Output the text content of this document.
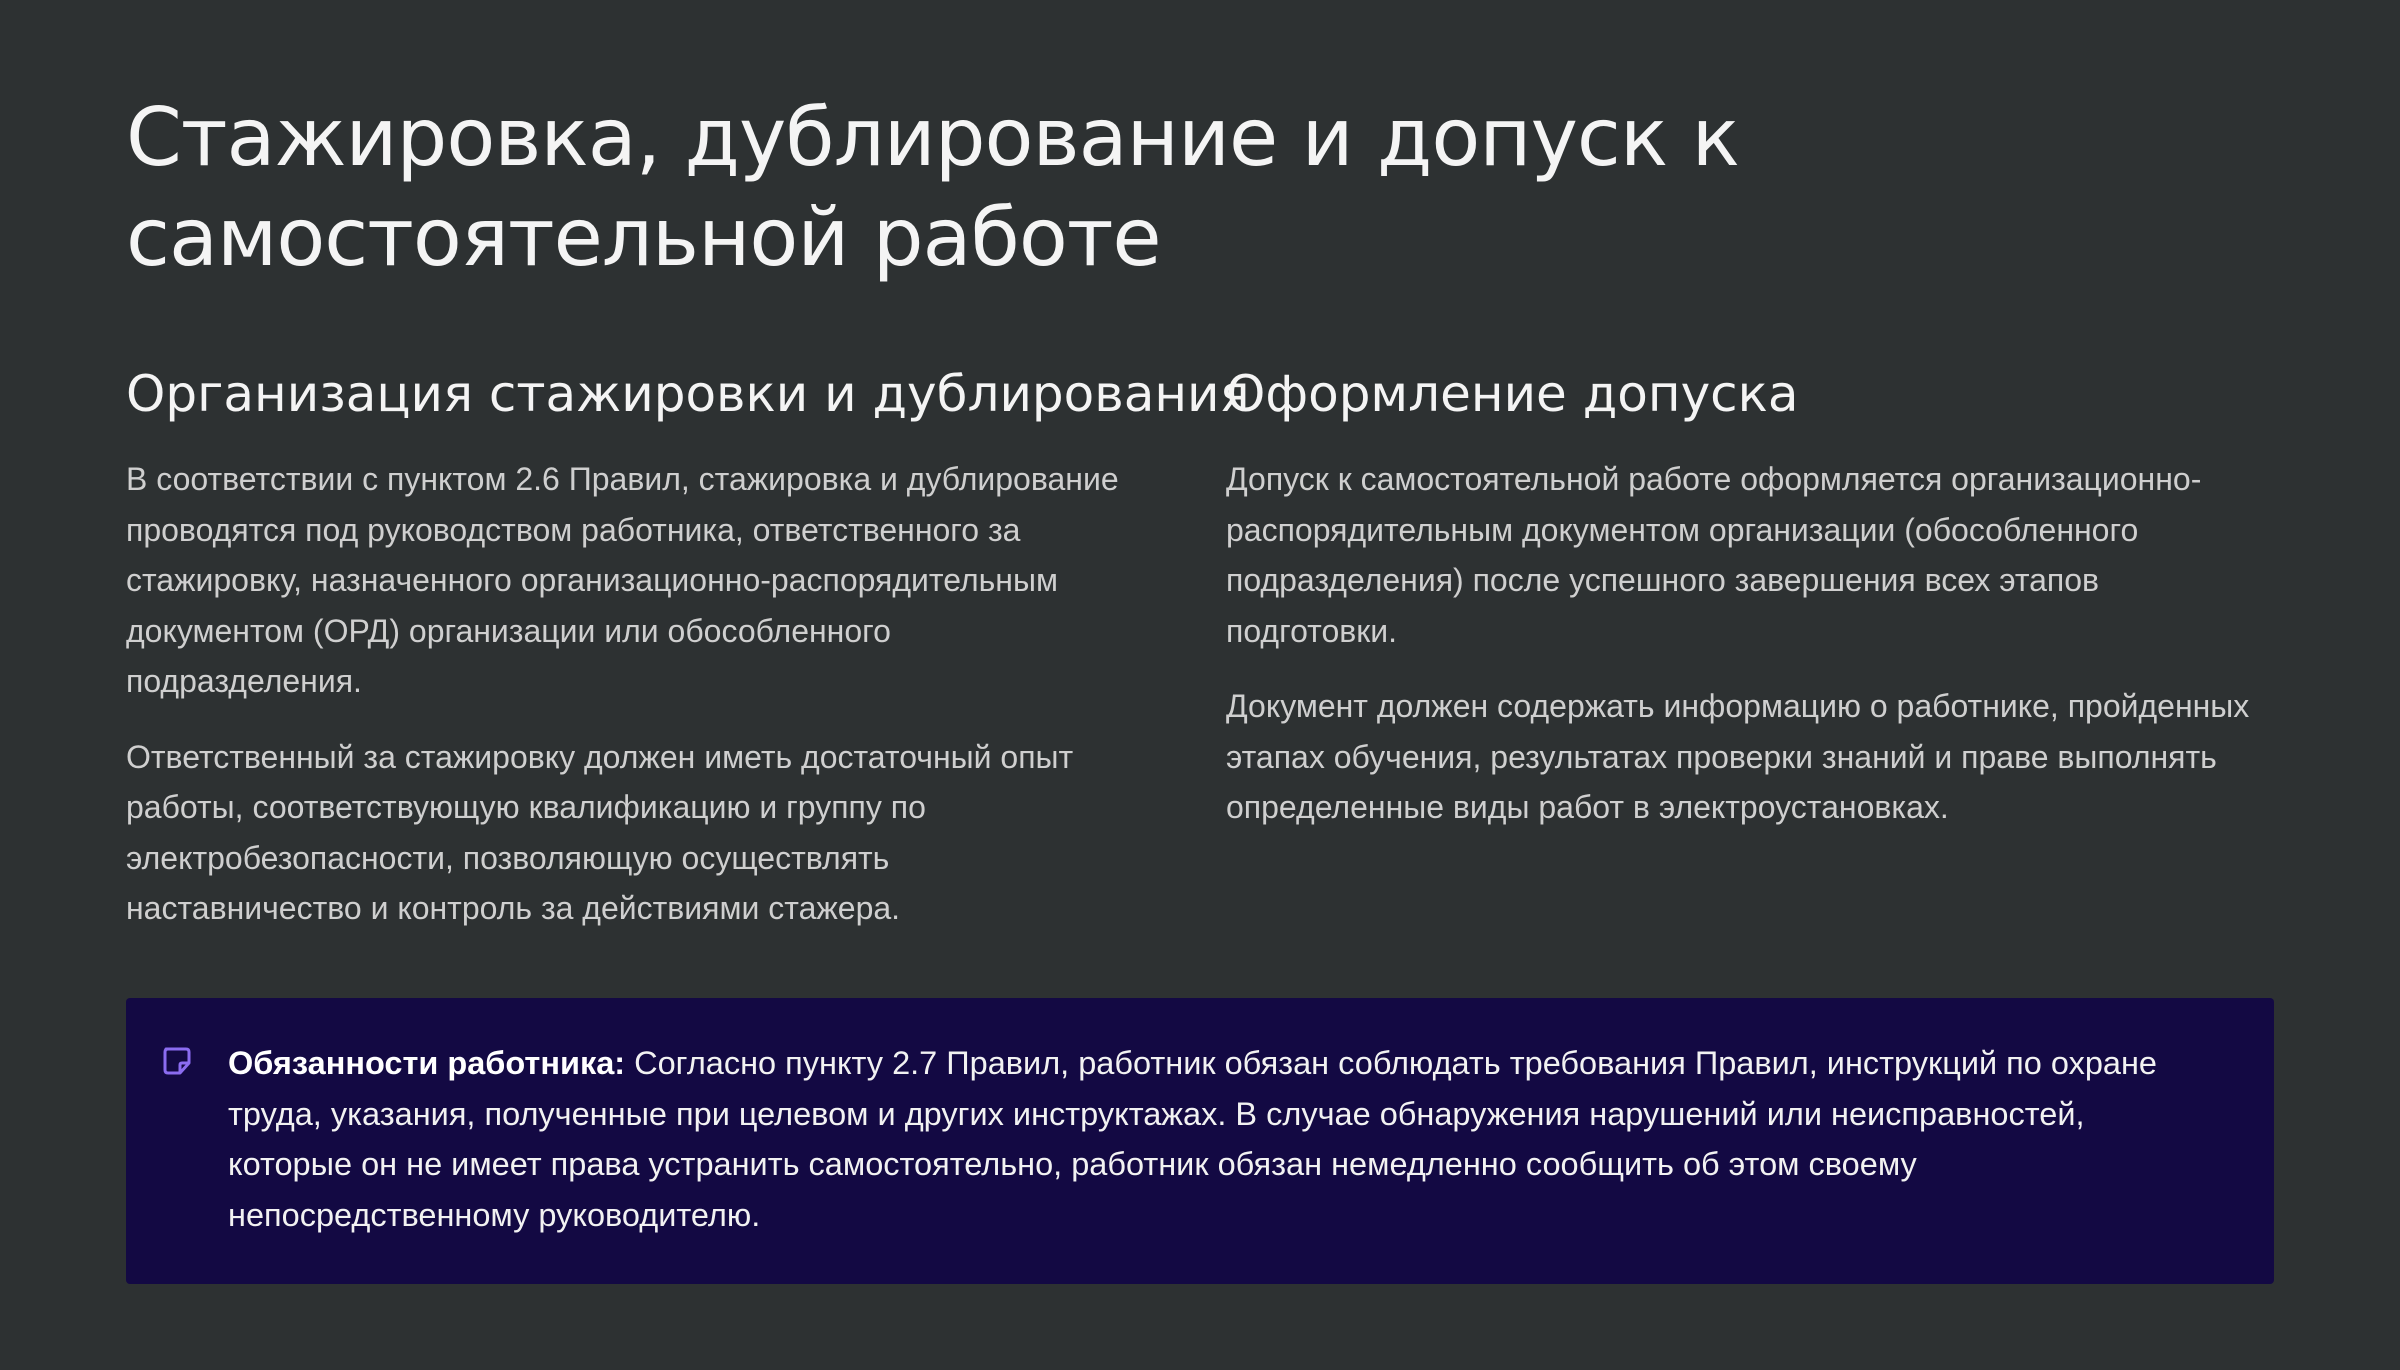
Стажировка, дублирование и допуск к самостоятельной работе
Организация стажировки и дублирования

В соответствии с пунктом 2.6 Правил, стажировка и дублирование проводятся под руководством работника, ответственного за стажировку, назначенного организационно-распорядительным документом (ОРД) организации или обособленного подразделения.

Ответственный за стажировку должен иметь достаточный опыт работы, соответствующую квалификацию и группу по электробезопасности, позволяющую осуществлять наставничество и контроль за действиями стажера.

Оформление допуска

Допуск к самостоятельной работе оформляется организационно-распорядительным документом организации (обособленного подразделения) после успешного завершения всех этапов подготовки.

Документ должен содержать информацию о работнике, пройденных этапах обучения, результатах проверки знаний и праве выполнять определенные виды работ в электроустановках.

Обязанности работника: Согласно пункту 2.7 Правил, работник обязан соблюдать требования Правил, инструкций по охране труда, указания, полученные при целевом и других инструктажах. В случае обнаружения нарушений или неисправностей, которые он не имеет права устранить самостоятельно, работник обязан немедленно сообщить об этом своему непосредственному руководителю.
